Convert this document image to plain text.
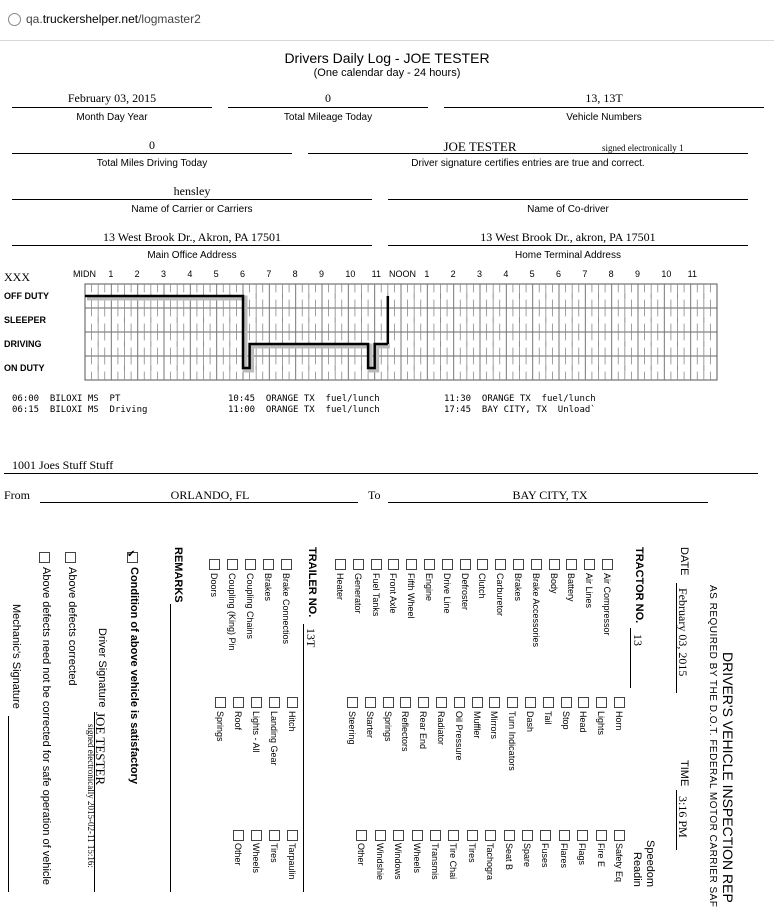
qa. truckershelper.net /logmaster2
Drivers Daily Log - JOE TESTER
(One calendar day - 24 hours)
February 03, 2015
Month Day Year
0
Total Mileage Today
13, 13T
Vehicle Numbers
0
Total Miles Driving Today
JOE TESTER	signed electronically 1
Driver signature certifies entries are true and correct.
hensley
Name of Carrier or Carriers	Name of Co-driver
13 West Brook Dr., Akron, PA 17501
Main Office Address
13 West Brook Dr., akron, PA 17501
Home Terminal Address
XXX	MIDN 1 2 3 4 5 6 7 8 9 10 11 NOON 1 2 3 4 5 6 7 8 9 10 11
OFF DUTY
SLEEPER
DRIVING
ON DUTY
06:00  BILOXI MS  PT	10:45  ORANGE TX  fuel/lunch	11:30  ORANGE TX  fuel/lunch
06:15  BILOXI MS  Driving	11:00  ORANGE TX  fuel/lunch	17:45  BAY CITY, TX  Unload`
1001 Joes Stuff Stuff
From	ORLANDO, FL	To	BAY CITY, TX
DRIVER'S VEHICLE INSPECTION REP
AS REQUIRED BY THE D.O.T. FEDERAL MOTOR CARRIER SAF
DATE
February 03, 2015
TIME
3:16 PM
Speedom
Readin
TRACTOR NO.
13
Air Compressor
Air Lines
Battery
Body
Brake Accessories
Brakes
Carburetor
Clutch
Defroster
Drive Line
Engine
Fifth Wheel
Front Axle
Fuel Tanks
Generator
Heater
Horn
Lights
Head
Stop
Tail
Dash
Turn Indicators
Mirrors
Muffler
Oil Pressure
Radiator
Rear End
Reflectors
Springs
Starter
Steering
Safety Eq
Fire E
Flags
Flares
Fuses
Spare
Seat B
Tachogra
Tires
Tire Chai
Transmis
Wheels
Windows
Windshie
Other
TRAILER NO.
13T
Brake Connectios
Brakes
Coupling Chains
Coupling (King) Pin
Doors
Hitch
Landing Gear
Lights - All
Roof
Springs
Tarpaulin
Tires
Wheels
Other
REMARKS
✔
Condition of above vehicle is satisfactory
Driver Signature
JOE TESTER
signed electronically 2015-02-11 15:16:
Above defects corrected
Above defects need not be corrected for safe operation of vehicle
Mechanic's Signature
